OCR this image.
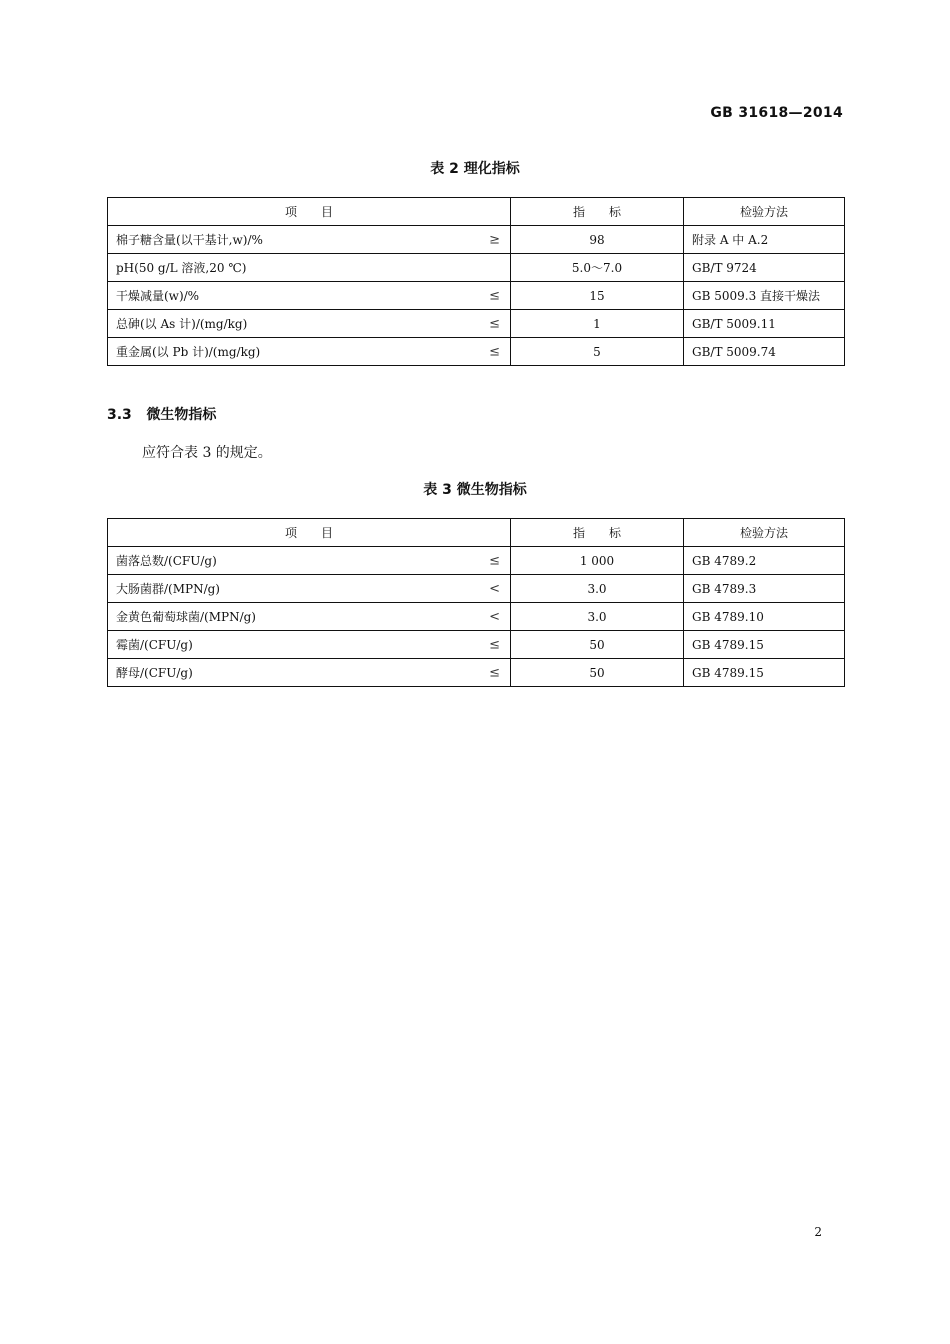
GB 31618—2014
表 2 理化指标
项　　目	指　　标	检验方法
棉子糖含量(以干基计,w)/% ≥	98	附录 A 中 A.2
pH(50 g/L 溶液,20 ℃)	5.0～7.0	GB/T 9724
干燥减量(w)/% ≤	15	GB 5009.3 直接干燥法
总砷(以 As 计)/(mg/kg) ≤	1	GB/T 5009.11
重金属(以 Pb 计)/(mg/kg) ≤	5	GB/T 5009.74
3.3 微生物指标
应符合表 3 的规定。
表 3 微生物指标
项　　目	指　　标	检验方法
菌落总数/(CFU/g) ≤	1 000	GB 4789.2
大肠菌群/(MPN/g) <	3.0	GB 4789.3
金黄色葡萄球菌/(MPN/g) <	3.0	GB 4789.10
霉菌/(CFU/g) ≤	50	GB 4789.15
酵母/(CFU/g) ≤	50	GB 4789.15
2
